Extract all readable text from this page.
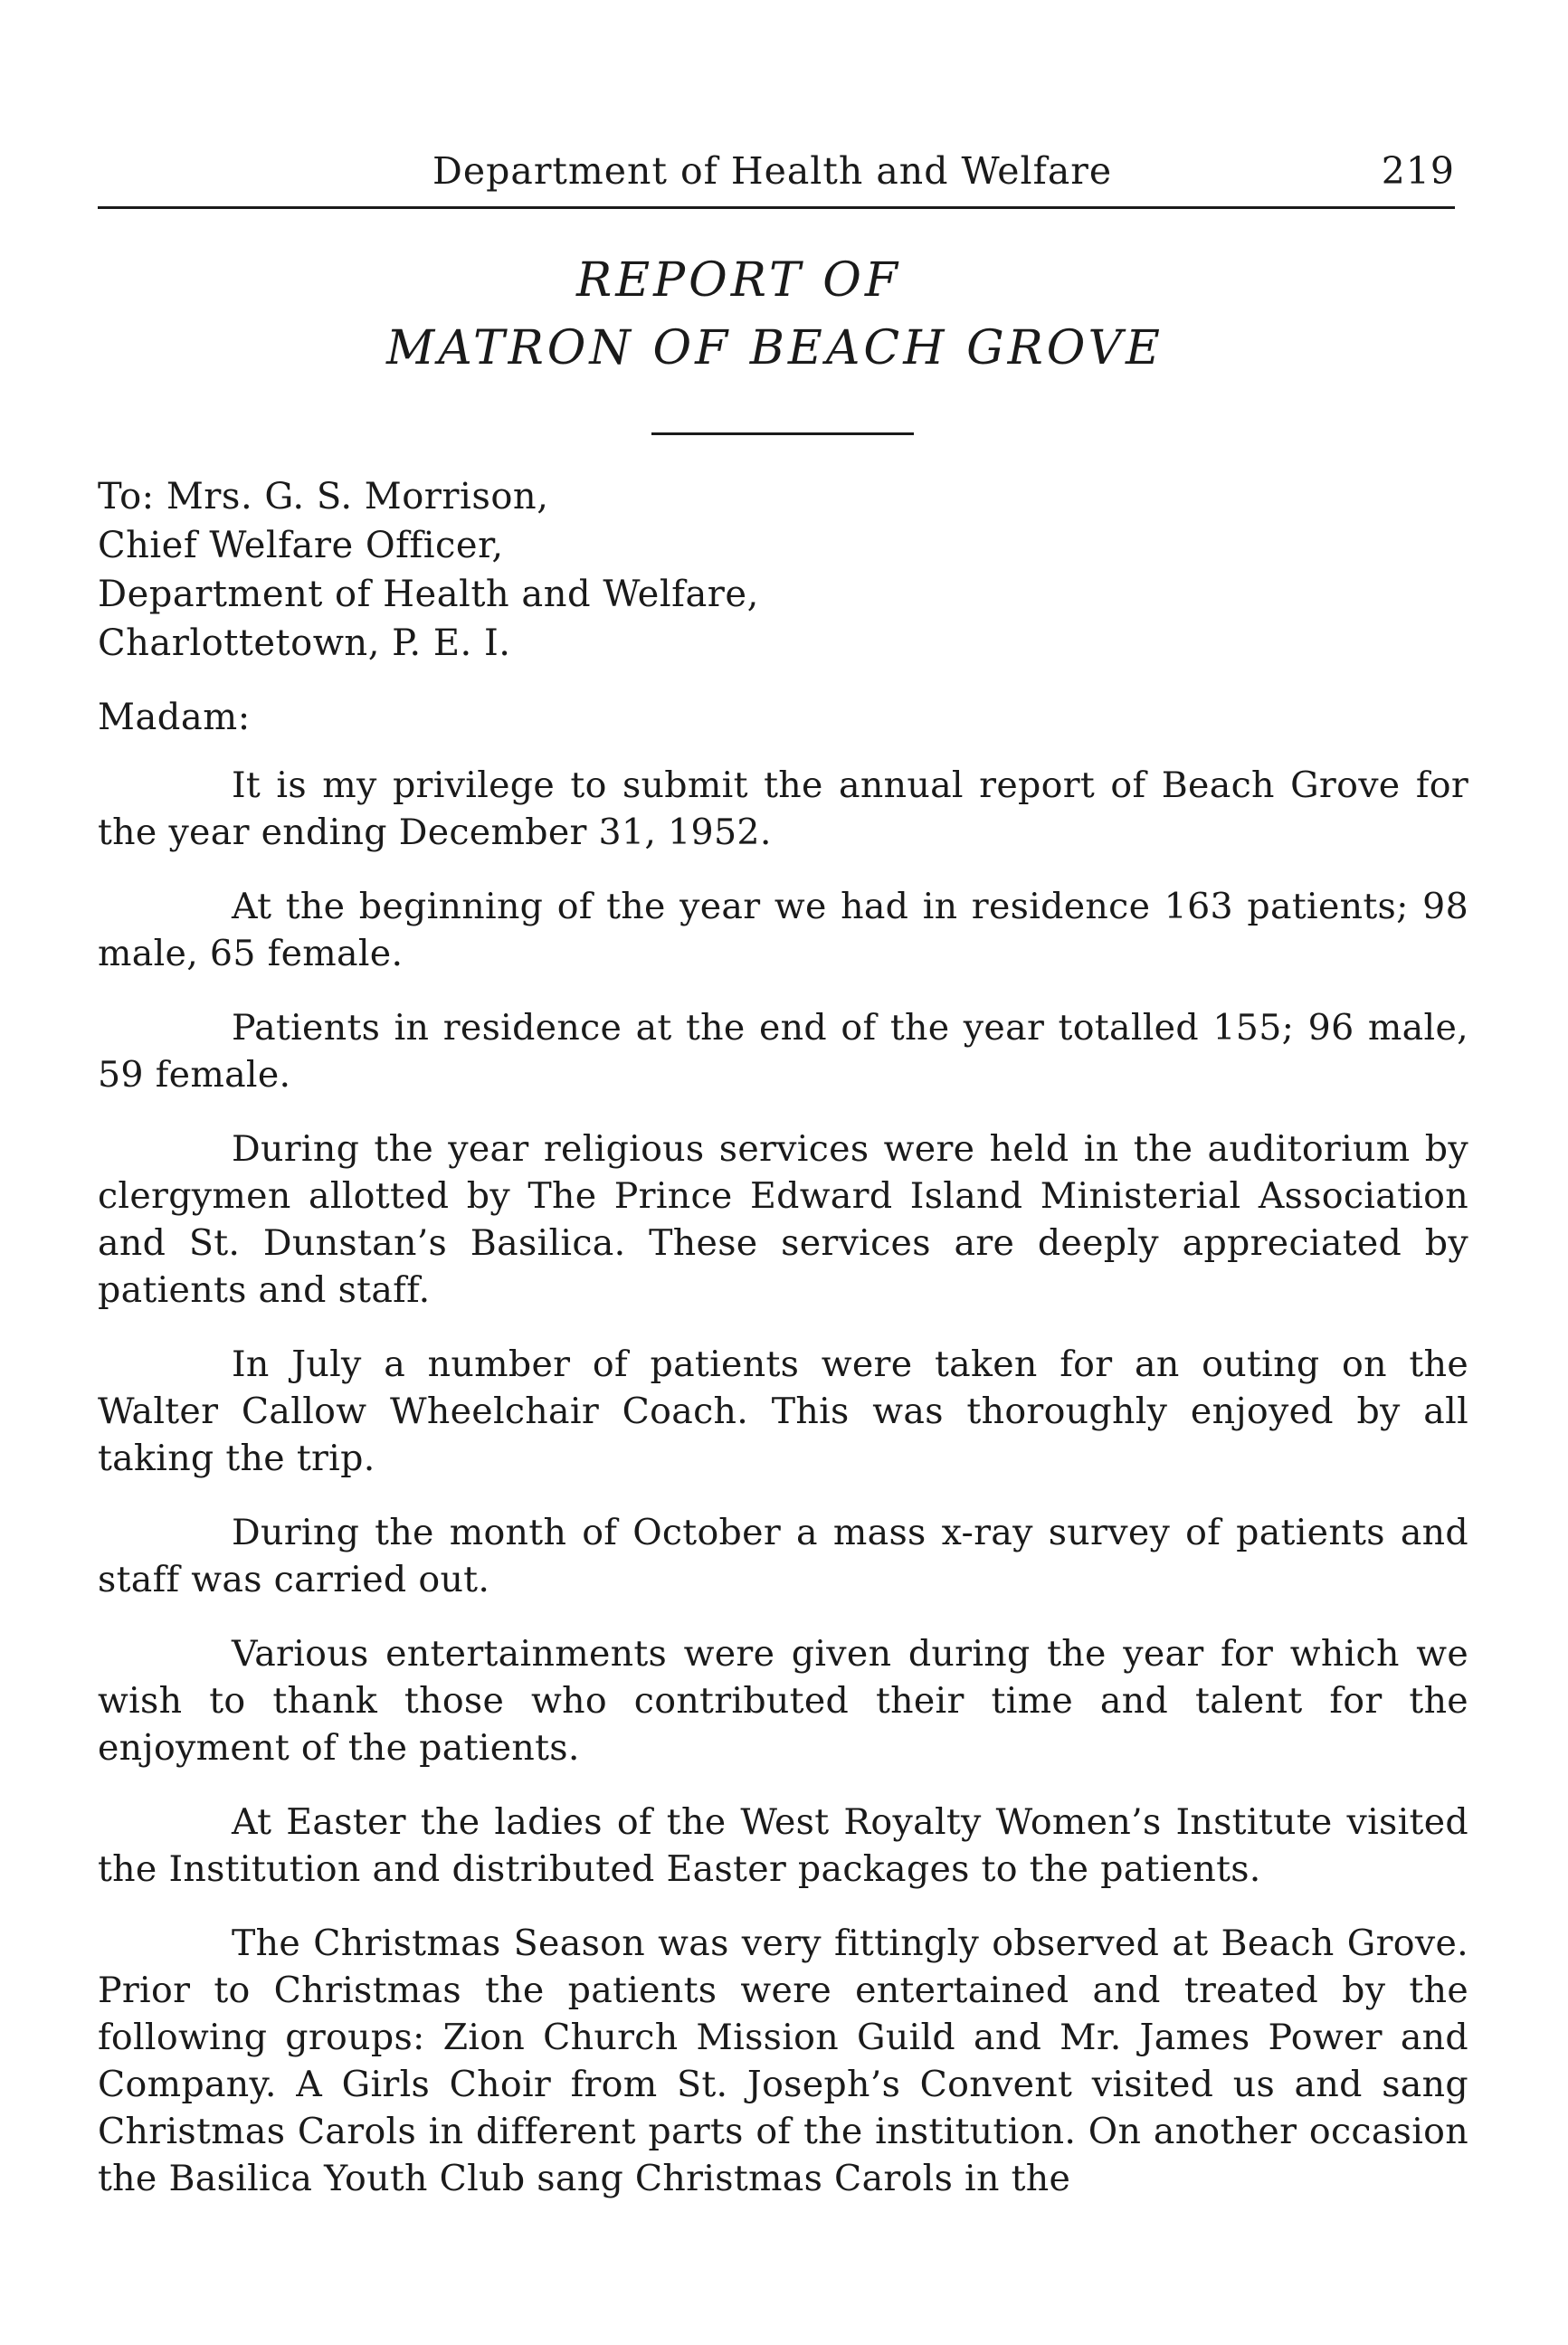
Department of Health and Welfare	219
REPORT OF
MATRON OF BEACH GROVE
To: Mrs. G. S. Morrison,
Chief Welfare Officer,
Department of Health and Welfare,
Charlottetown, P. E. I.
Madam:

It is my privilege to submit the annual report of Beach Grove for the year ending December 31, 1952.

At the beginning of the year we had in residence 163 patients; 98 male, 65 female.

Patients in residence at the end of the year totalled 155; 96 male, 59 female.

During the year religious services were held in the auditorium by clergymen allotted by The Prince Edward Island Ministerial Association and St. Dunstan’s Basilica. These services are deeply appreciated by patients and staff.

In July a number of patients were taken for an outing on the Walter Callow Wheelchair Coach. This was thoroughly enjoyed by all taking the trip.

During the month of October a mass x-ray survey of patients and staff was carried out.

Various entertainments were given during the year for which we wish to thank those who contributed their time and talent for the enjoyment of the patients.

At Easter the ladies of the West Royalty Women’s Institute visited the Institution and distributed Easter packages to the patients.

The Christmas Season was very fittingly observed at Beach Grove. Prior to Christmas the patients were entertained and treated by the following groups: Zion Church Mission Guild and Mr. James Power and Company. A Girls Choir from St. Joseph’s Convent visited us and sang Christmas Carols in different parts of the institution. On another occasion the Basilica Youth Club sang Christmas Carols in the
